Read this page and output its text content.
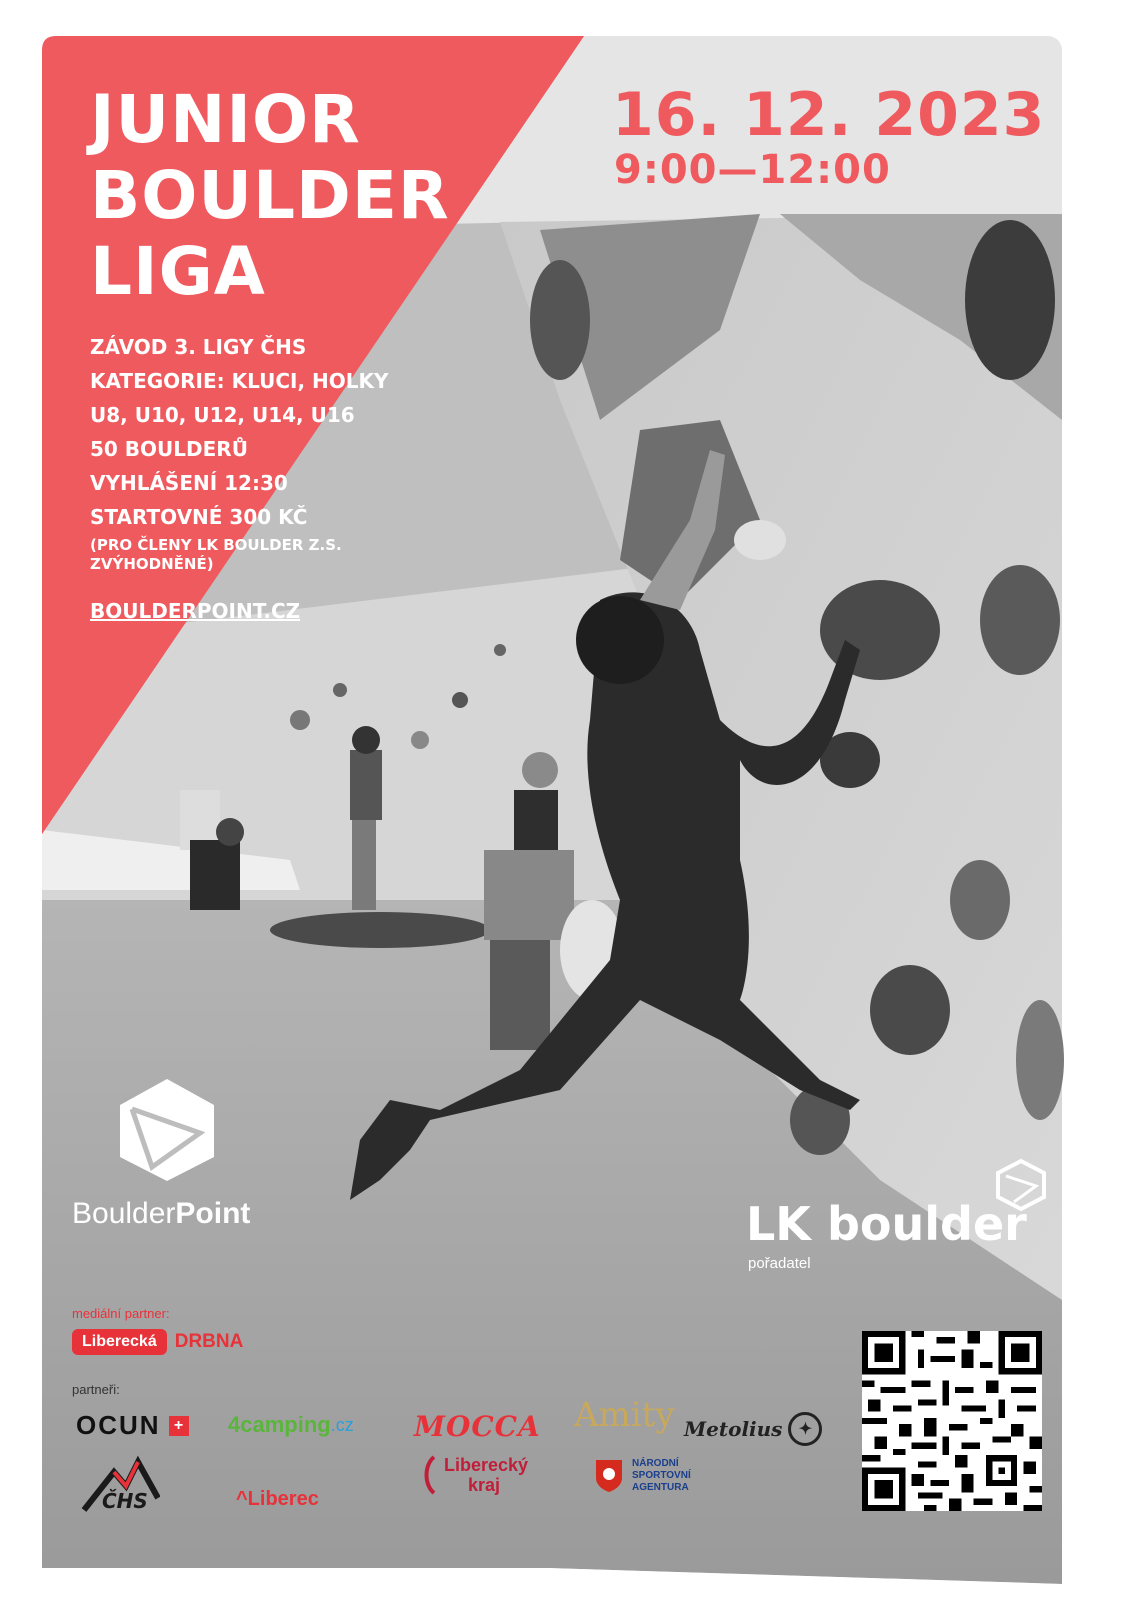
JUNIOR
BOULDER
LIGA
16. 12. 2023
9:00—12:00
ZÁVOD 3. LIGY ČHS
KATEGORIE: KLUCI, HOLKY
U8, U10, U12, U14, U16
50 BOULDERŮ
VYHLÁŠENÍ 12:30
STARTOVNÉ 300 KČ
(PRO ČLENY LK BOULDER Z.S.
ZVÝHODNĚNÉ)
BOULDERPOINT.CZ
BoulderPoint	LK boulder
pořadatel
mediální partner:
Liberecká DRBNA
partneři:
OCUN + 4camping .cz MOCCA Amity Metolius	✦
ČHS	^Liberec
Liberecký
kraj
NÁRODNÍ
SPORTOVNÍ
AGENTURA
